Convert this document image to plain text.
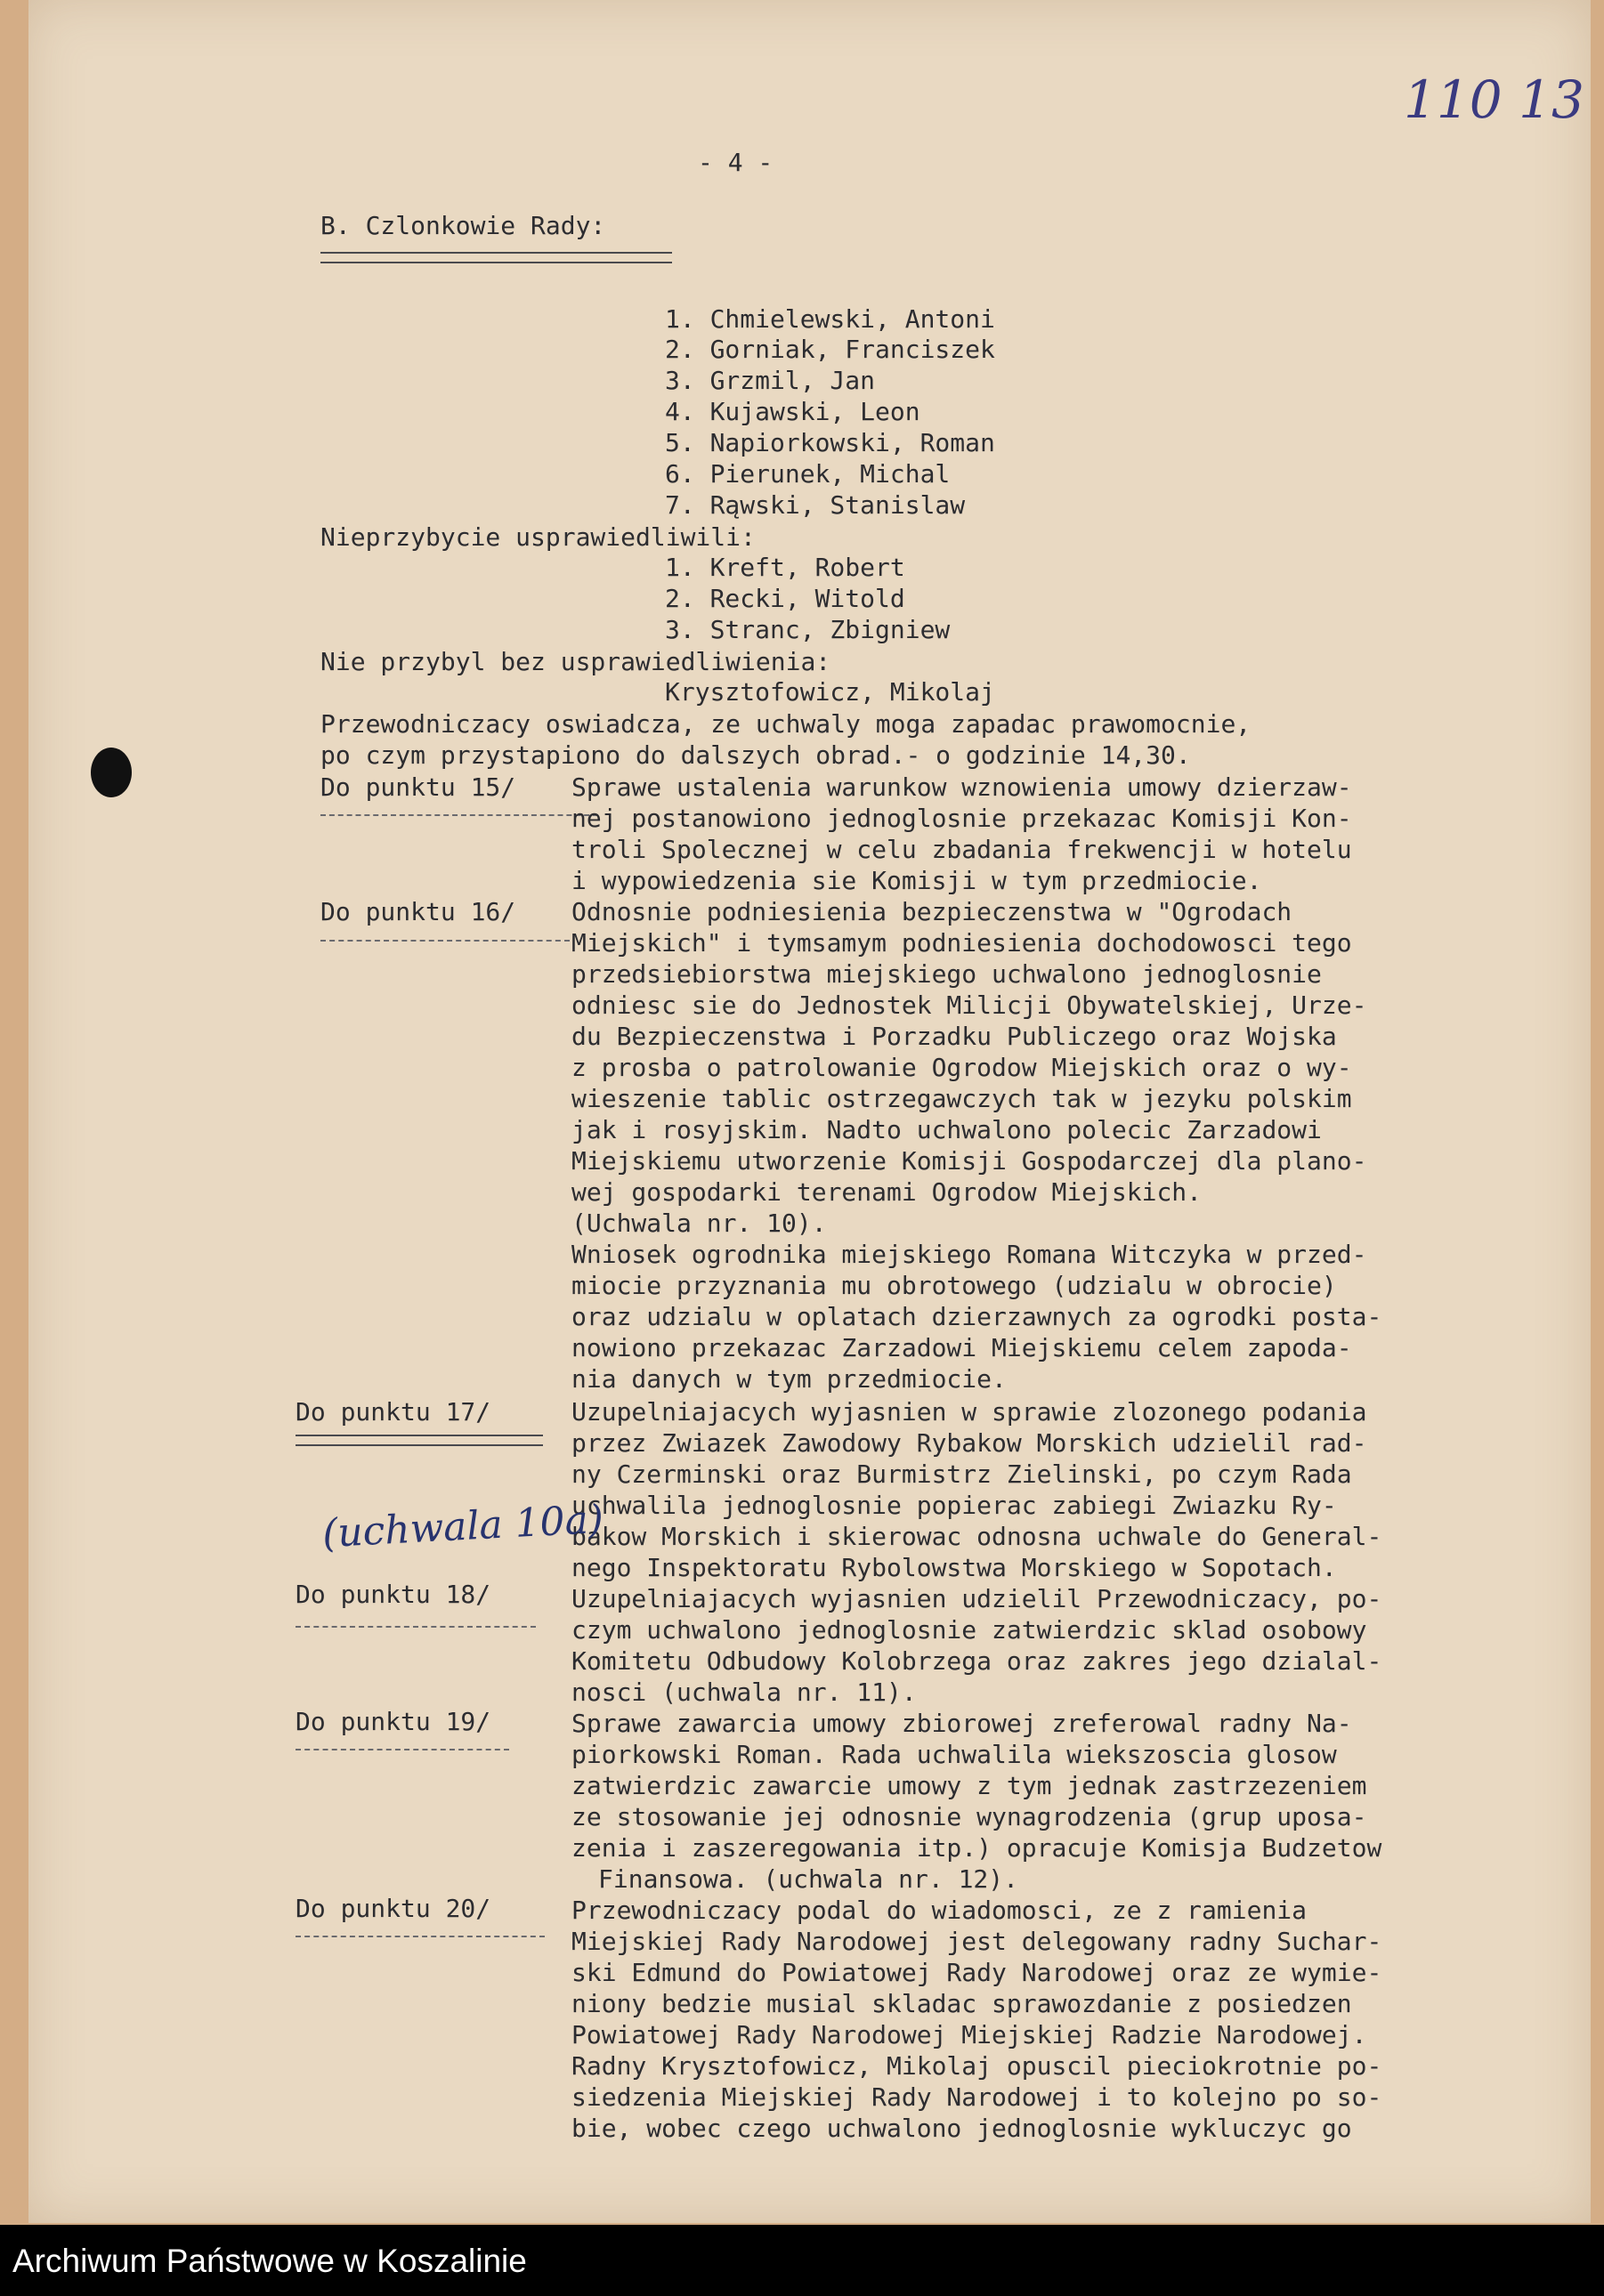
110 13
- 4 -
B. Czlonkowie Rady:
1. Chmielewski, Antoni
2. Gorniak, Franciszek
3. Grzmil, Jan
4. Kujawski, Leon
5. Napiorkowski, Roman
6. Pierunek, Michal
7. Rąwski, Stanislaw
Nieprzybycie usprawiedliwili:
1. Kreft, Robert
2. Recki, Witold
3. Stranc, Zbigniew
Nie przybyl bez usprawiedliwienia:
Krysztofowicz, Mikolaj
Przewodniczacy oswiadcza, ze uchwaly moga zapadac prawomocnie,
po czym przystapiono do dalszych obrad.- o godzinie 14,30.
Do punktu 15/ Sprawe ustalenia warunkow wznowienia umowy dzierzaw-
nej postanowiono jednoglosnie przekazac Komisji Kon-
troli Spolecznej w celu zbadania frekwencji w hotelu
i wypowiedzenia sie Komisji w tym przedmiocie.
Do punktu 16/ Odnosnie podniesienia bezpieczenstwa w "Ogrodach
Miejskich" i tymsamym podniesienia dochodowosci tego
przedsiebiorstwa miejskiego uchwalono jednoglosnie
odniesc sie do Jednostek Milicji Obywatelskiej, Urze-
du Bezpieczenstwa i Porzadku Publiczego oraz Wojska
z prosba o patrolowanie Ogrodow Miejskich oraz o wy-
wieszenie tablic ostrzegawczych tak w jezyku polskim
jak i rosyjskim. Nadto uchwalono polecic Zarzadowi
Miejskiemu utworzenie Komisji Gospodarczej dla plano-
wej gospodarki terenami Ogrodow Miejskich.
(Uchwala nr. 10).
Wniosek ogrodnika miejskiego Romana Witczyka w przed-
miocie przyznania mu obrotowego (udzialu w obrocie)
oraz udzialu w oplatach dzierzawnych za ogrodki posta-
nowiono przekazac Zarzadowi Miejskiemu celem zapoda-
nia danych w tym przedmiocie.
Do punktu 17/	Uzupelniajacych wyjasnien w sprawie zlozonego podania
przez Zwiazek Zawodowy Rybakow Morskich udzielil rad-
ny Czerminski oraz Burmistrz Zielinski, po czym Rada
uchwalila jednoglosnie popierac zabiegi Zwiazku Ry-
bakow Morskich i skierowac odnosna uchwale do General-
nego Inspektoratu Rybolowstwa Morskiego w Sopotach.
(uchwala 10a)
Do punktu 18/	Uzupelniajacych wyjasnien udzielil Przewodniczacy, po-
czym uchwalono jednoglosnie zatwierdzic sklad osobowy
Komitetu Odbudowy Kolobrzega oraz zakres jego dzialal-
nosci (uchwala nr. 11).
Do punktu 19/	Sprawe zawarcia umowy zbiorowej zreferowal radny Na-
piorkowski Roman. Rada uchwalila wiekszoscia glosow
zatwierdzic zawarcie umowy z tym jednak zastrzezeniem
ze stosowanie jej odnosnie wynagrodzenia (grup uposa-
zenia i zaszeregowania itp.) opracuje Komisja Budzetow
Finansowa. (uchwala nr. 12).
Do punktu 20/	Przewodniczacy podal do wiadomosci, ze z ramienia
Miejskiej Rady Narodowej jest delegowany radny Suchar-
ski Edmund do Powiatowej Rady Narodowej oraz ze wymie-
niony bedzie musial skladac sprawozdanie z posiedzen
Powiatowej Rady Narodowej Miejskiej Radzie Narodowej.
Radny Krysztofowicz, Mikolaj opuscil pieciokrotnie po-
siedzenia Miejskiej Rady Narodowej i to kolejno po so-
bie, wobec czego uchwalono jednoglosnie wykluczyc go
Archiwum Państwowe w Koszalinie
